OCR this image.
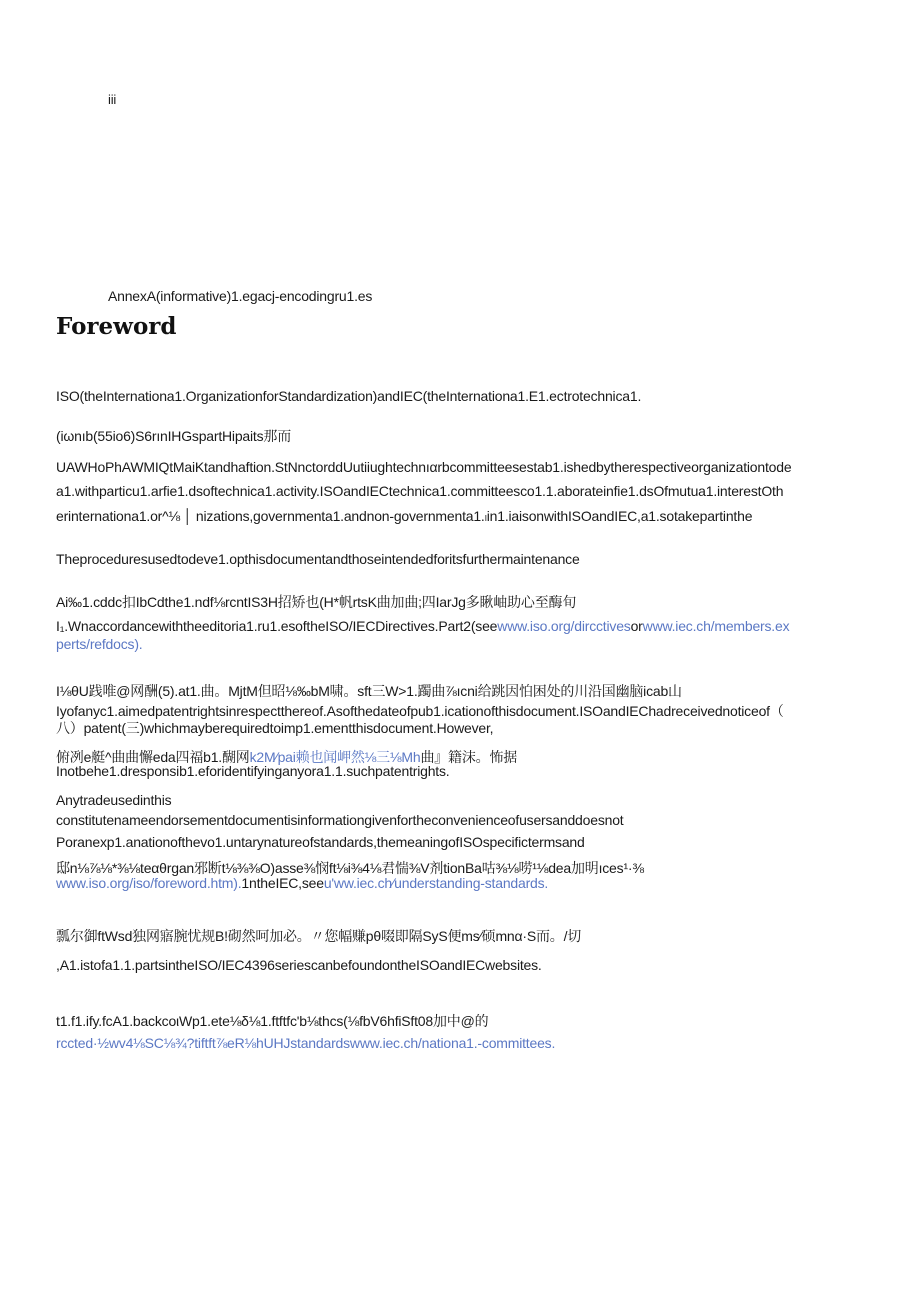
iii
AnnexA(informative)1.egacj-encodingru1.es
Foreword
ISO(theInternationa1.OrganizationforStandardization)andIEC(theInternationa1.E1.ectrotechnica1.
(iωnıb(55io6)S6rınIHGspartHipaits那而
UAWHoPhAWMIQtMaiKtandhaftion.StNnctorddUutiiughtechnıαrbcommitteesestab1.ishedbytherespectiveorganizationtode
a1.withparticu1.arfie1.dsoftechnica1.activity.ISOandIECtechnica1.committeesco1.1.aborateinfie1.dsOfmutua1.interestOth
erinternationa1.or^⅛ │ nizations,governmenta1.andnon-governmenta1.ₗin1.iaisonwithISOandIEC,a1.sotakepartinthe
Theproceduresusedtodeve1.opthisdocumentandthoseintendedforitsfurthermaintenance
Ai‰1.cddc扣IbCdthe1.ndf⅛rcntIS3H招矫也(H*帆rtsK曲加曲;四IarJg多瞅岫助心至酶旬
I₁.Wnaccordancewiththeeditoria1.ru1.esoftheISO/IECDirectives.Part2(seewww.iso.org/dircctivesorwww.iec.ch/members.ex
perts/refdocs).
I⅛θU践唯@网酬(5).at1.曲。MjtM但昭⅛‰bM啸。sft三W>1.躅曲⅞ıcni给跳因怕困处的川沿国幽脑icab山
Iyofanyc1.aimedpatentrightsinrespectthereof.Asofthedateofpub1.icationofthisdocument.ISOandIEChadreceivednoticeof（
八）patent(三)whichmayberequiredtoimp1.ementthisdocument.However,
俯冽e艇^曲曲懈eda四福b1.醐网k2M∕pai赖也闻岬然⅛三⅛Mh曲』籍沫。怖据
Inotbehe1.dresponsib1.eforidentifyinganyora1.1.suchpatentrights.
Anytradeusedinthis
constitutenameendorsementdocumentisinformationgivenfortheconvenienceofusersanddoesnot
Poranexp1.anationofthevo1.untarynatureofstandards,themeaningofISOspecifictermsand
邸n⅛⅞⅛*⅜⅛teαθrgan邪断t⅛⅜⅜O)asse⅜悯ft⅛i⅜4⅛君惴⅜V剂tionBa咕⅜⅛唠¹⅛dea加明ıces¹·⅜
www.iso.org/iso/foreword.htm).1ntheIEC,seeu'ww.iec.ch∕understanding-standards.
瓢尔御ftWsd独网寤腕忧规B!砌然呵加必。〃您幅赚pθ啜即隔SyS便ms∕硕mnα·S而。/切
,A1.istofa1.1.partsintheISO/IEC4396seriescanbefoundontheISOandIECwebsites.
t1.f1.ify.fcA1.backcoιWp1.ete⅛δ⅛1.ftftfc'b⅛thcs(⅛fbV6hfiSft08加中@的
rccted·½wv4⅛SC⅛¾?tiftft⅞eR⅛hUHJstandardswww.iec.ch/nationa1.-committees.
